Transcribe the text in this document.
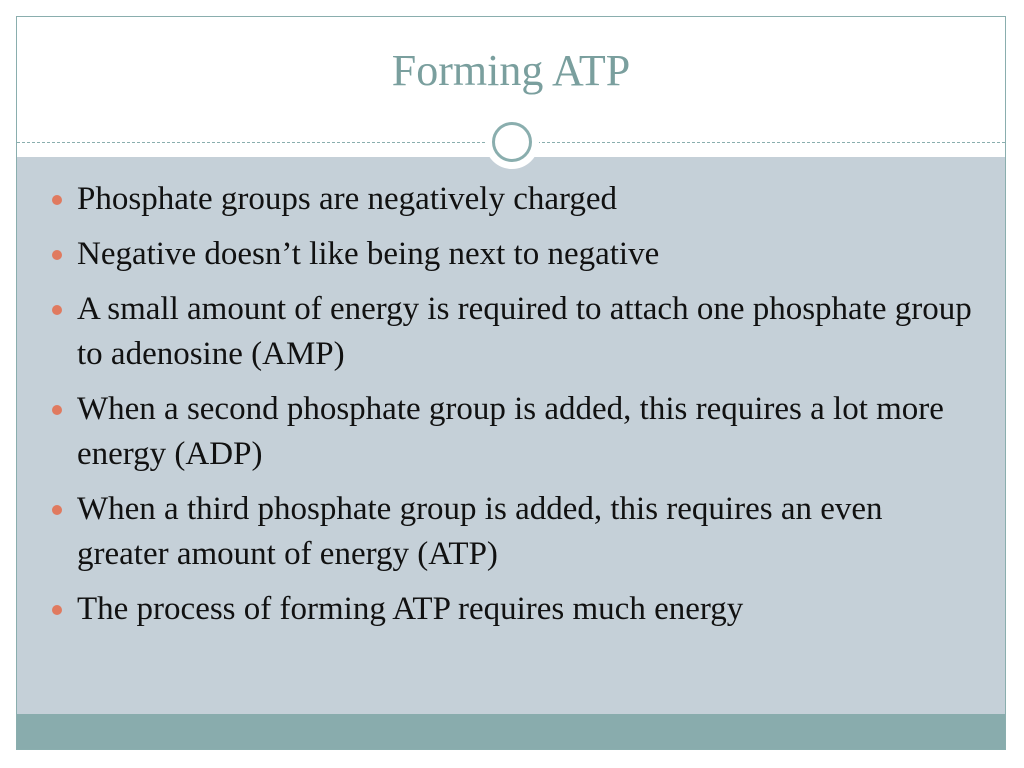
Forming ATP
Phosphate groups are negatively charged
Negative doesn’t like being next to negative
A small amount of energy is required to attach one phosphate group to adenosine (AMP)
When a second phosphate group is added, this requires a lot more energy (ADP)
When a third phosphate group is added, this requires an even greater amount of energy (ATP)
The process of forming ATP requires much energy
